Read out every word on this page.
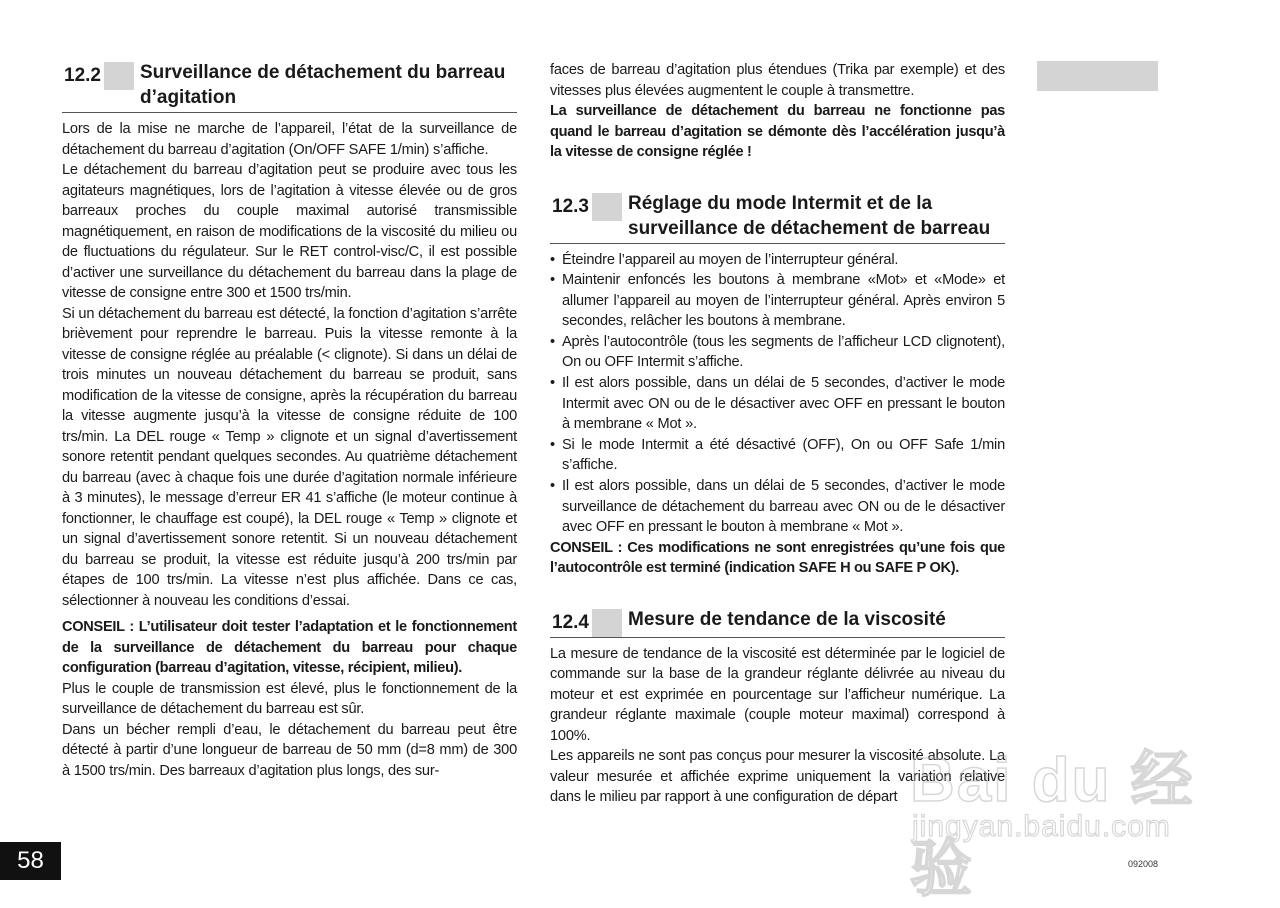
12.2	Surveillance de détachement du barreau d’agitation

Lors de la mise ne marche de l’appareil, l’état de la surveillance de détachement du barreau d’agitation (On/OFF SAFE 1/min) s’affiche.

Le détachement du barreau d’agitation peut se produire avec tous les agitateurs magnétiques, lors de l’agitation à vitesse élevée ou de gros barreaux proches du couple maximal autorisé transmissible magnétiquement, en raison de modifications de la viscosité du milieu ou de fluctuations du régulateur. Sur le RET control-visc/C, il est possible d’activer une surveillance du détachement du barreau dans la plage de vitesse de consigne entre 300 et 1500 trs/min.

Si un détachement du barreau est détecté, la fonction d’agitation s’arrête brièvement pour reprendre le barreau. Puis la vitesse remonte à la vitesse de consigne réglée au préalable (< clignote). Si dans un délai de trois minutes un nouveau détachement du barreau se produit, sans modification de la vitesse de consigne, après la récupération du barreau la vitesse augmente jusqu’à la vitesse de consigne réduite de 100 trs/min. La DEL rouge « Temp » clignote et un signal d’avertissement sonore retentit pendant quelques secondes. Au quatrième détachement du barreau (avec à chaque fois une durée d’agitation normale inférieure à 3 minutes), le message d’erreur ER 41 s’affiche (le moteur continue à fonctionner, le chauffage est coupé), la DEL rouge « Temp » clignote et un signal d’avertissement sonore retentit. Si un nouveau détachement du barreau se produit, la vitesse est réduite jusqu’à 200 trs/min par étapes de 100 trs/min. La vitesse n’est plus affichée. Dans ce cas, sélectionner à nouveau les conditions d’essai.

CONSEIL : L’utilisateur doit tester l’adaptation et le fonctionnement de la surveillance de détachement du barreau pour chaque configuration (barreau d’agitation, vitesse, récipient, milieu).

Plus le couple de transmission est élevé, plus le fonctionnement de la surveillance de détachement du barreau est sûr.

Dans un bécher rempli d’eau, le détachement du barreau peut être détecté à partir d’une longueur de barreau de 50 mm (d=8 mm) de 300 à 1500 trs/min. Des barreaux d’agitation plus longs, des sur-

faces de barreau d’agitation plus étendues (Trika par exemple) et des vitesses plus élevées augmentent le couple à transmettre.

La surveillance de détachement du barreau ne fonctionne pas quand le barreau d’agitation se démonte dès l’accélération jusqu’à la vitesse de consigne réglée !

12.3	Réglage du mode Intermit et de la surveillance de détachement de barreau
• Éteindre l’appareil au moyen de l’interrupteur général.
• Maintenir enfoncés les boutons à membrane «Mot» et «Mode» et allumer l’appareil au moyen de l’interrupteur général. Après environ 5 secondes, relâcher les boutons à membrane.
• Après l’autocontrôle (tous les segments de l’afficheur LCD clignotent), On ou OFF Intermit s’affiche.
• Il est alors possible, dans un délai de 5 secondes, d’activer le mode Intermit avec ON ou de le désactiver avec OFF en pressant le bouton à membrane « Mot ».
• Si le mode Intermit a été désactivé (OFF), On ou OFF Safe 1/min s’affiche.
• Il est alors possible, dans un délai de 5 secondes, d’activer le mode surveillance de détachement du barreau avec ON ou de le désactiver avec OFF en pressant le bouton à membrane « Mot ».

CONSEIL : Ces modifications ne sont enregistrées qu’une fois que l’autocontrôle est terminé (indication SAFE H ou SAFE P OK).

12.4	Mesure de tendance de la viscosité

La mesure de tendance de la viscosité est déterminée par le logiciel de commande sur la base de la grandeur réglante délivrée au niveau du moteur et est exprimée en pourcentage sur l’afficheur numérique. La grandeur réglante maximale (couple moteur maximal) correspond à 100%.

Les appareils ne sont pas conçus pour mesurer la viscosité absolute. La valeur mesurée et affichée exprime uniquement la variation relative dans le milieu par rapport à une configuration de départ

58	092008
Bai du 经验
jingyan.baidu.com
